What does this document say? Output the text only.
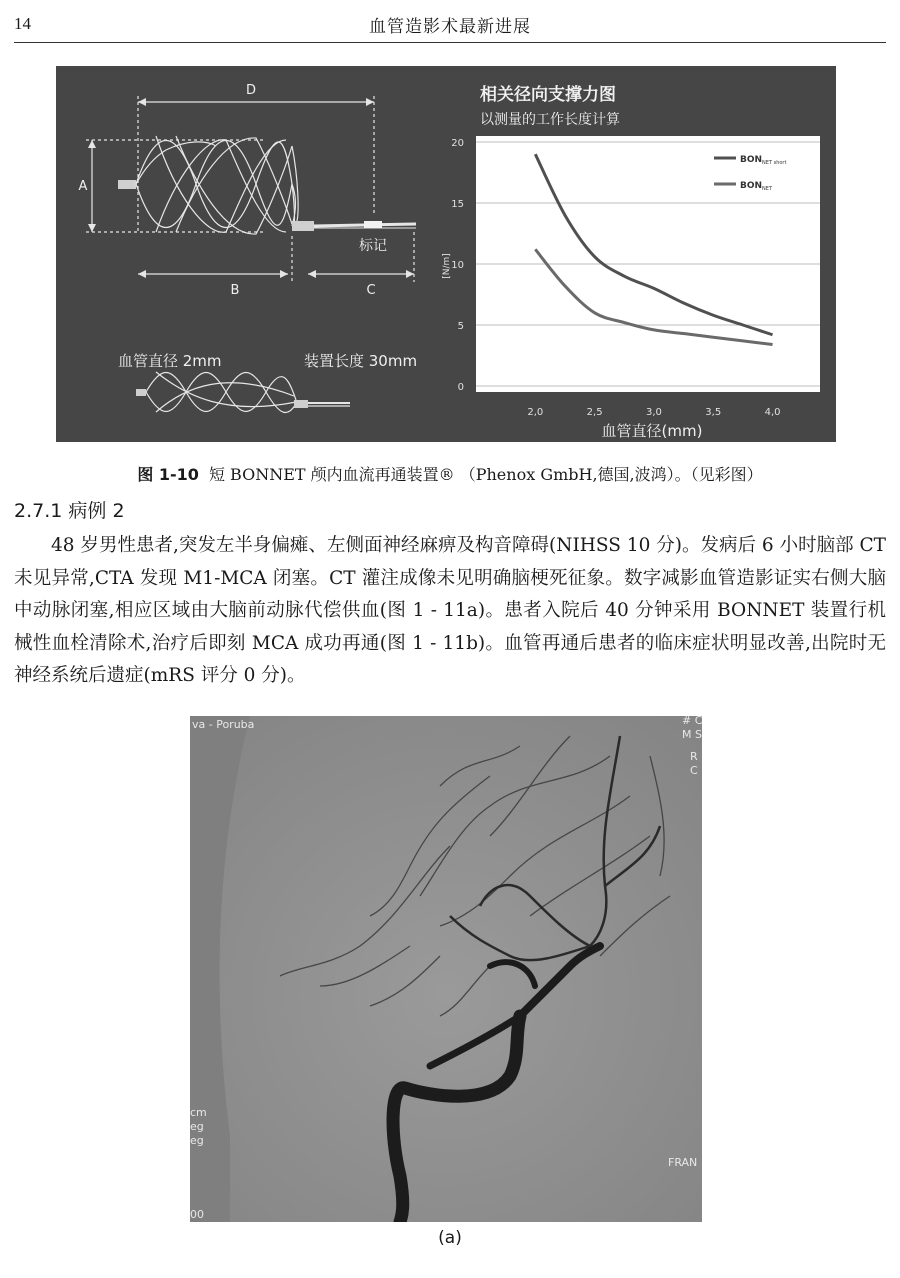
14	血管造影术最新进展
D
A
B	C
标记
血管直径 2mm	装置长度 30mm
相关径向支撑力图
以测量的工作长度计算
0
5
10
15
20
2,0	2,5	3,0	3,5	4,0
$BON_{NET short}$
$BON_{NET}$
[N/m]
血管直径(mm)
图 1-10 短 BONNET 颅内血流再通装置® （Phenox GmbH,德国,波鸿）。（见彩图）
2.7.1 病例 2
48 岁男性患者,突发左半身偏瘫、左侧面神经麻痹及构音障碍(NIHSS 10 分)。发病后 6 小时脑部 CT 未见异常,CTA 发现 M1-MCA 闭塞。CT 灌注成像未见明确脑梗死征象。数字减影血管造影证实右侧大脑中动脉闭塞,相应区域由大脑前动脉代偿供血(图 1 - 11a)。患者入院后 40 分钟采用 BONNET 装置行机械性血栓清除术,治疗后即刻 MCA 成功再通(图 1 - 11b)。血管再通后患者的临床症状明显改善,出院时无神经系统后遗症(mRS 评分 0 分)。
va - Poruba	# C
M S
R
C
cm
eg
eg
00
FRAN
(a)
